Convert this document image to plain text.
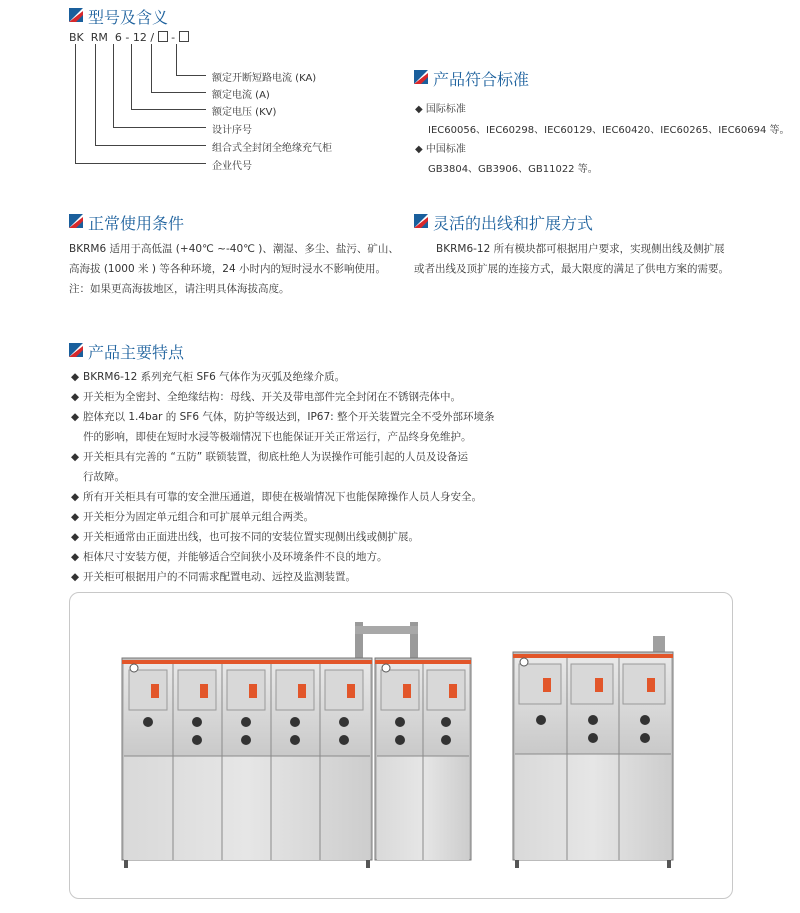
型号及含义
BK RM 6 - 12 / -
额定开断短路电流 (KA)
额定电流 (A)
额定电压 (KV)
设计序号
组合式全封闭全绝缘充气柜
企业代号
产品符合标准
◆ 国际标准
IEC60056、IEC60298、IEC60129、IEC60420、IEC60265、IEC60694 等。
◆ 中国标准
GB3804、GB3906、GB11022 等。
正常使用条件
BKRM6 适用于高低温 (+40℃ ~-40℃ )、潮湿、多尘、盐污、矿山、
高海拔 (1000 米 ) 等各种环境，24 小时内的短时浸水不影响使用。
注：如果更高海拔地区，请注明具体海拔高度。
灵活的出线和扩展方式
BKRM6-12 所有模块都可根据用户要求，实现侧出线及侧扩展
或者出线及顶扩展的连接方式，最大限度的满足了供电方案的需要。
产品主要特点
◆ BKRM6-12 系列充气柜 SF6 气体作为灭弧及绝缘介质。
◆ 开关柜为全密封、全绝缘结构：母线、开关及带电部件完全封闭在不锈钢壳体中。
◆ 腔体充以 1.4bar 的 SF6 气体，防护等级达到，IP67: 整个开关装置完全不受外部环境条
件的影响，即使在短时水浸等极端情况下也能保证开关正常运行，产品终身免维护。
◆ 开关柜具有完善的 “五防” 联锁装置，彻底杜绝人为误操作可能引起的人员及设备运
行故障。
◆ 所有开关柜具有可靠的安全泄压通道，即使在极端情况下也能保障操作人员人身安全。
◆ 开关柜分为固定单元组合和可扩展单元组合两类。
◆ 开关柜通常由正面进出线，也可按不同的安装位置实现侧出线或侧扩展。
◆ 柜体尺寸安装方便，并能够适合空间狭小及环境条件不良的地方。
◆ 开关柜可根据用户的不同需求配置电动、远控及监测装置。
